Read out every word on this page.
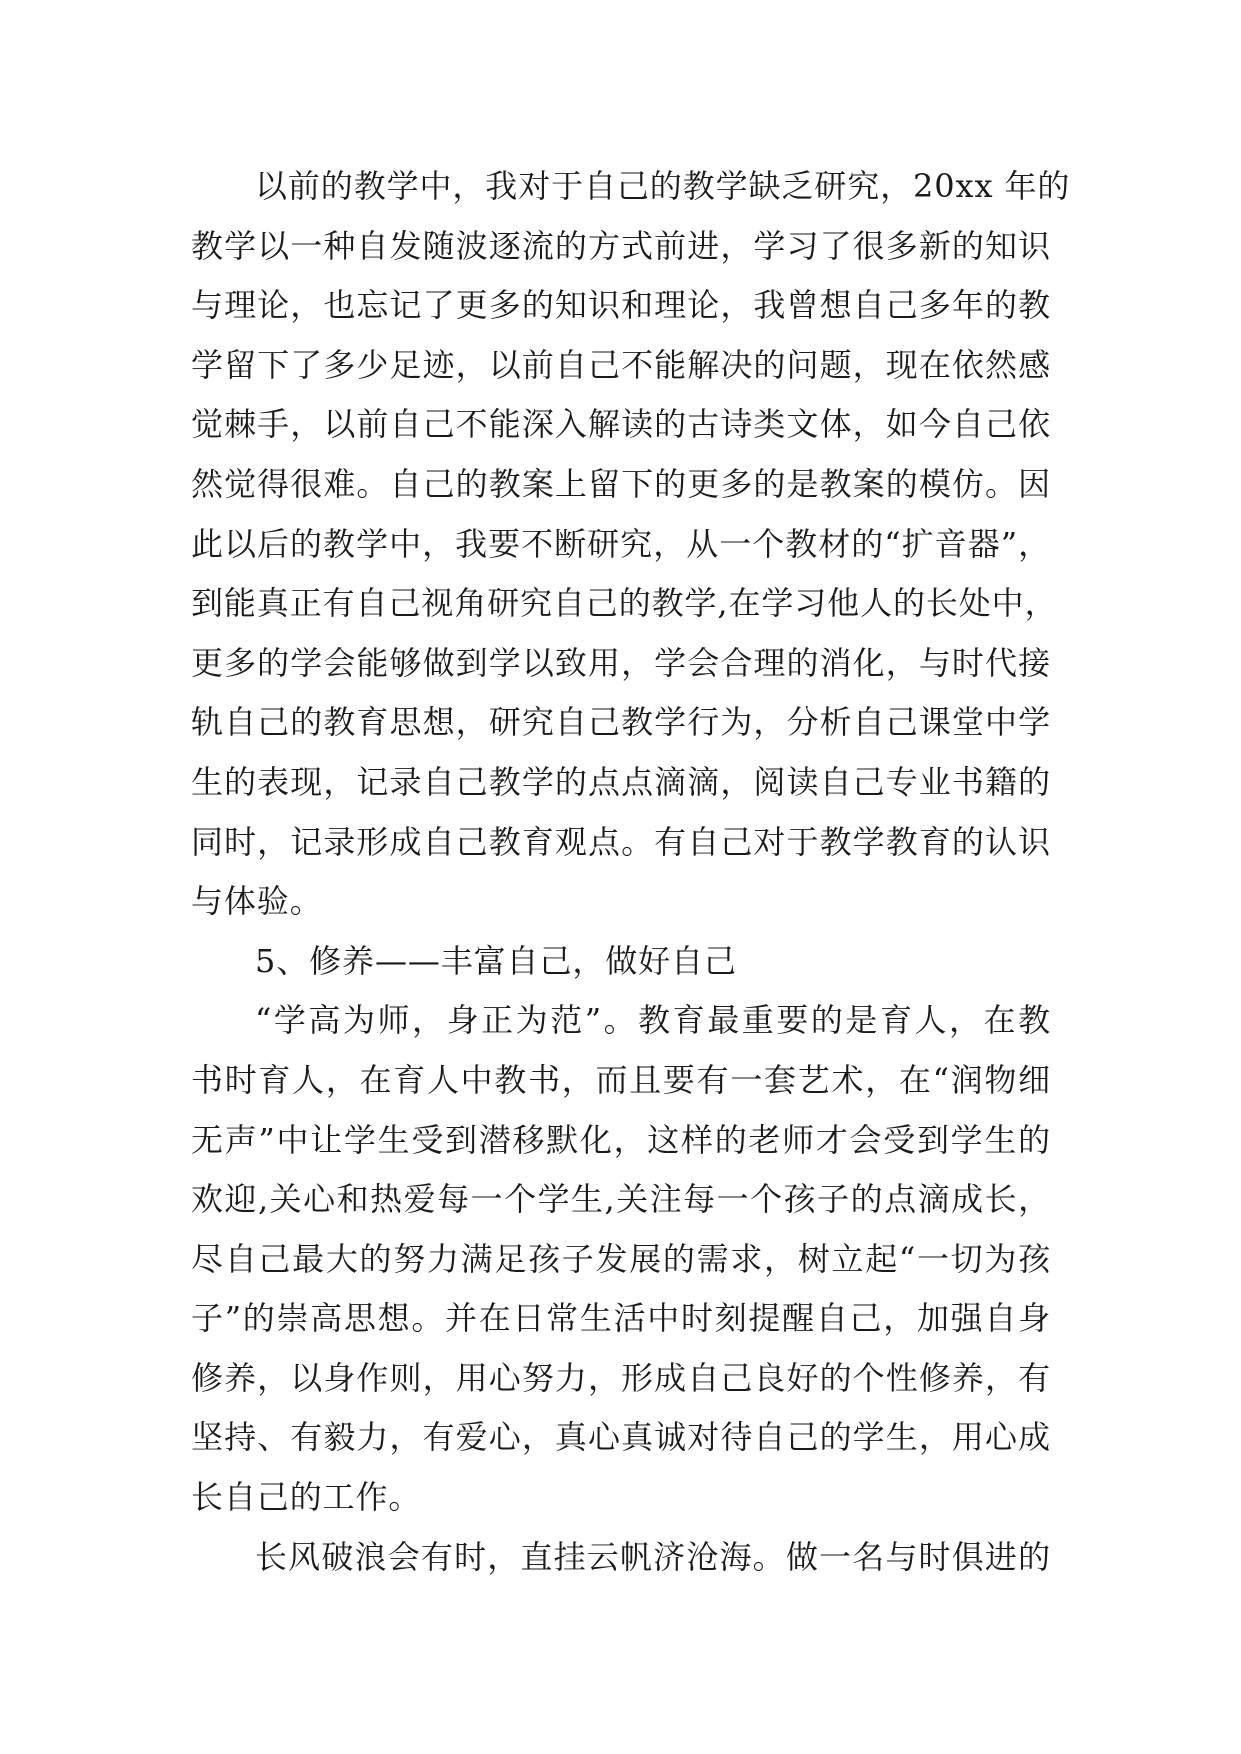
以前的教学中，我对于自己的教学缺乏研究，20xx 年的
教学以一种自发随波逐流的方式前进，学习了很多新的知识
与理论，也忘记了更多的知识和理论，我曾想自己多年的教
学留下了多少足迹，以前自己不能解决的问题，现在依然感
觉棘手，以前自己不能深入解读的古诗类文体，如今自己依
然觉得很难。自己的教案上留下的更多的是教案的模仿。因
此以后的教学中，我要不断研究，从一个教材的“扩音器”，
到能真正有自己视角研究自己的教学,在学习他人的长处中，
更多的学会能够做到学以致用，学会合理的消化，与时代接
轨自己的教育思想，研究自己教学行为，分析自己课堂中学
生的表现，记录自己教学的点点滴滴，阅读自己专业书籍的
同时，记录形成自己教育观点。有自己对于教学教育的认识
与体验。
5、修养——丰富自己，做好自己
“学高为师，身正为范”。教育最重要的是育人，在教
书时育人，在育人中教书，而且要有一套艺术，在“润物细
无声”中让学生受到潜移默化，这样的老师才会受到学生的
欢迎,关心和热爱每一个学生,关注每一个孩子的点滴成长，
尽自己最大的努力满足孩子发展的需求，树立起“一切为孩
子”的崇高思想。并在日常生活中时刻提醒自己，加强自身
修养，以身作则，用心努力，形成自己良好的个性修养，有
坚持、有毅力，有爱心，真心真诚对待自己的学生，用心成
长自己的工作。
长风破浪会有时，直挂云帆济沧海。做一名与时俱进的
